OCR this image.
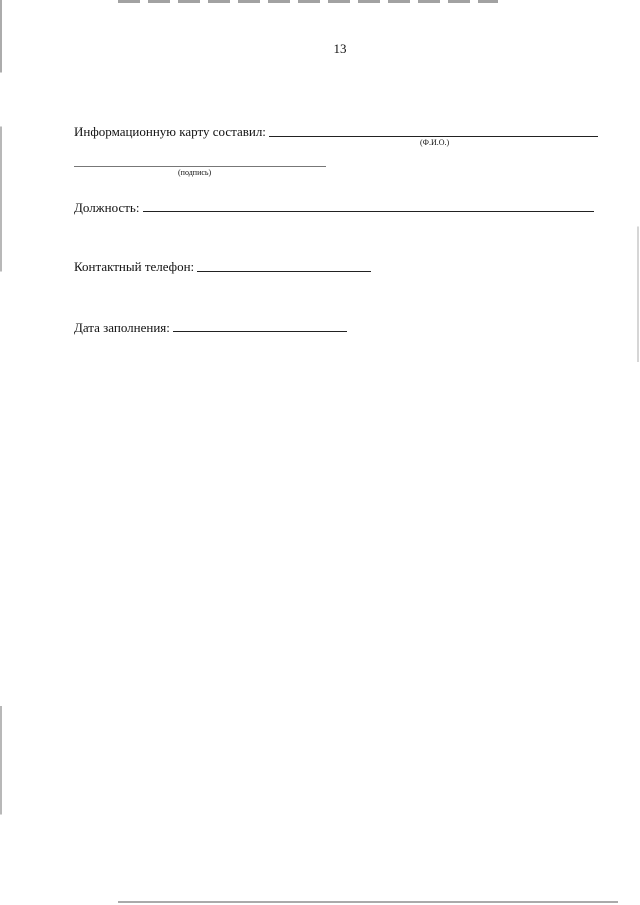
13
Информационную карту составил:
(Ф.И.О.)
(подпись)
Должность:
Контактный телефон:
Дата заполнения:
